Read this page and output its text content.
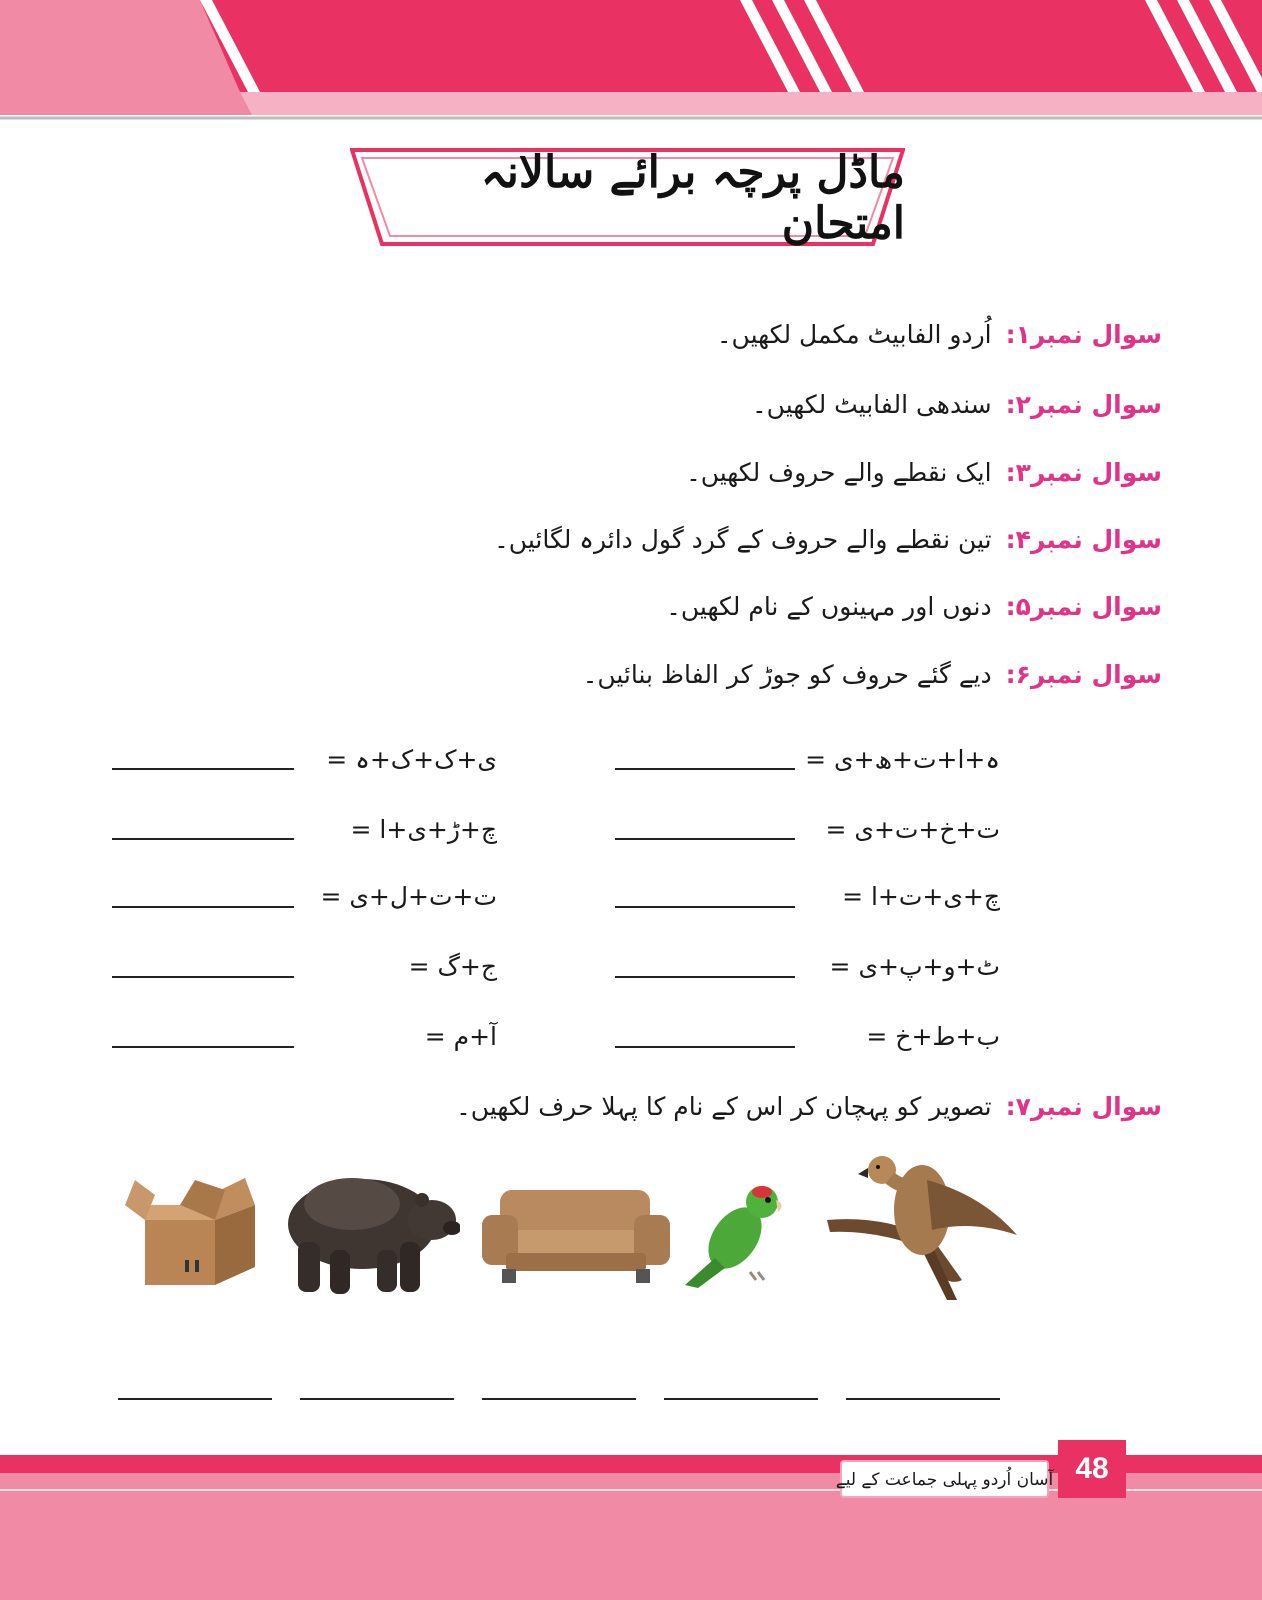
ماڈل پرچہ برائے سالانہ امتحان
سوال نمبر۱:
اُردو الفابیٹ مکمل لکھیں۔
سوال نمبر۲:
سندھی الفابیٹ لکھیں۔
سوال نمبر۳:
ایک نقطے والے حروف لکھیں۔
سوال نمبر۴:
تین نقطے والے حروف کے گرد گول دائرہ لگائیں۔
سوال نمبر۵:
دنوں اور مہینوں کے نام لکھیں۔
سوال نمبر۶:
دیے گئے حروف کو جوڑ کر الفاظ بنائیں۔
ہ+ا+ت+ھ+ی =
ت+خ+ت+ی =
چ+ی+ت+ا =
ٹ+و+پ+ی =
ب+ط+خ =
ی+ک+ک+ہ =
چ+ڑ+ی+ا =
ت+ت+ل+ی =
ج+گ =
آ+م =
سوال نمبر۷:
تصویر کو پہچان کر اس کے نام کا پہلا حرف لکھیں۔
آسان اُردو پہلی جماعت کے لیے 48
